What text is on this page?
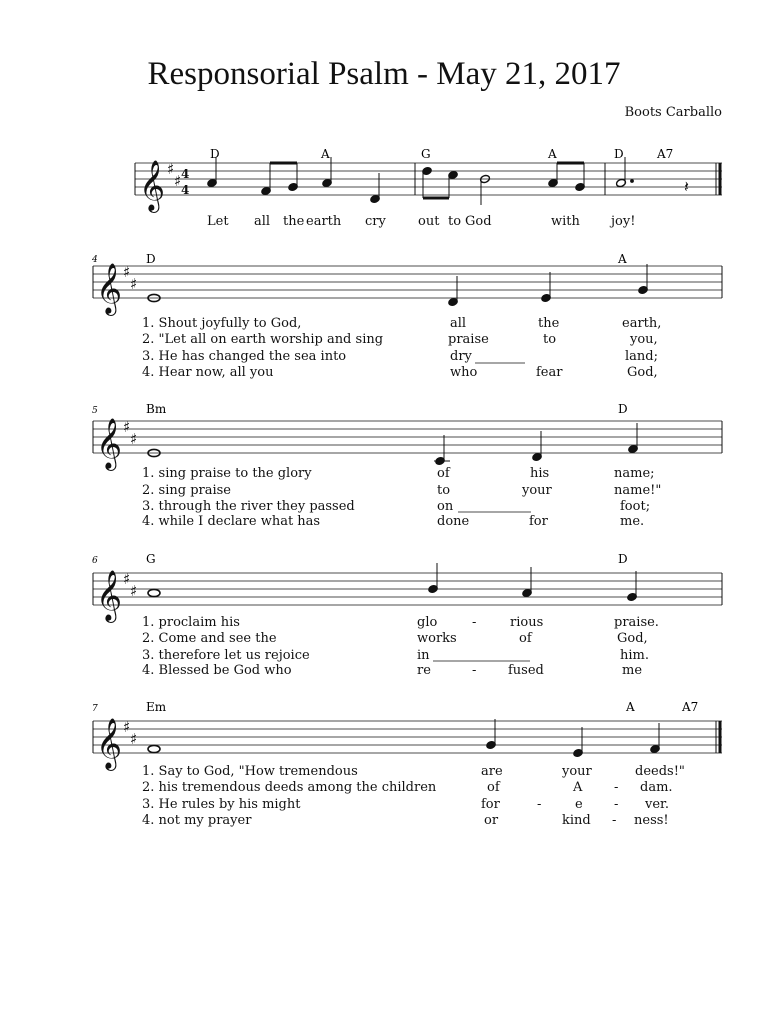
Responsorial Psalm - May 21, 2017
Boots Carballo
𝄞 ♯
♯ 4
4	𝄽
D	A	G	A	D	A7
𝄞 ♯
♯
𝄞 ♯
♯
𝄞 ♯
♯
𝄞 ♯
♯
4
5
6
7
D	A
Bm	D
G	D
Em	A	A7
Let all the earth cry out to God	with joy!
1. Shout joyfully to God,	all	the	earth,
2. "Let all on earth worship and sing	praise	to	you,
3. He has changed the sea into	dry	land;
4. Hear now, all you	who	fear	God,
1. sing praise to the glory	of	his	name;
2. sing praise	to	your	name!"
3. through the river they passed	on	foot;
4. while I declare what has	done	for	me.
1. proclaim his	glo	-	rious	praise.
2. Come and see the	works	of	God,
3. therefore let us rejoice	in	him.
4. Blessed be God who	re	- fused	me
1. Say to God, "How tremendous	are	your	deeds!"
2. his tremendous deeds among the children	of	A - dam.
3. He rules by his might	for	-	e - ver.
4. not my prayer	or	kind - ness!
